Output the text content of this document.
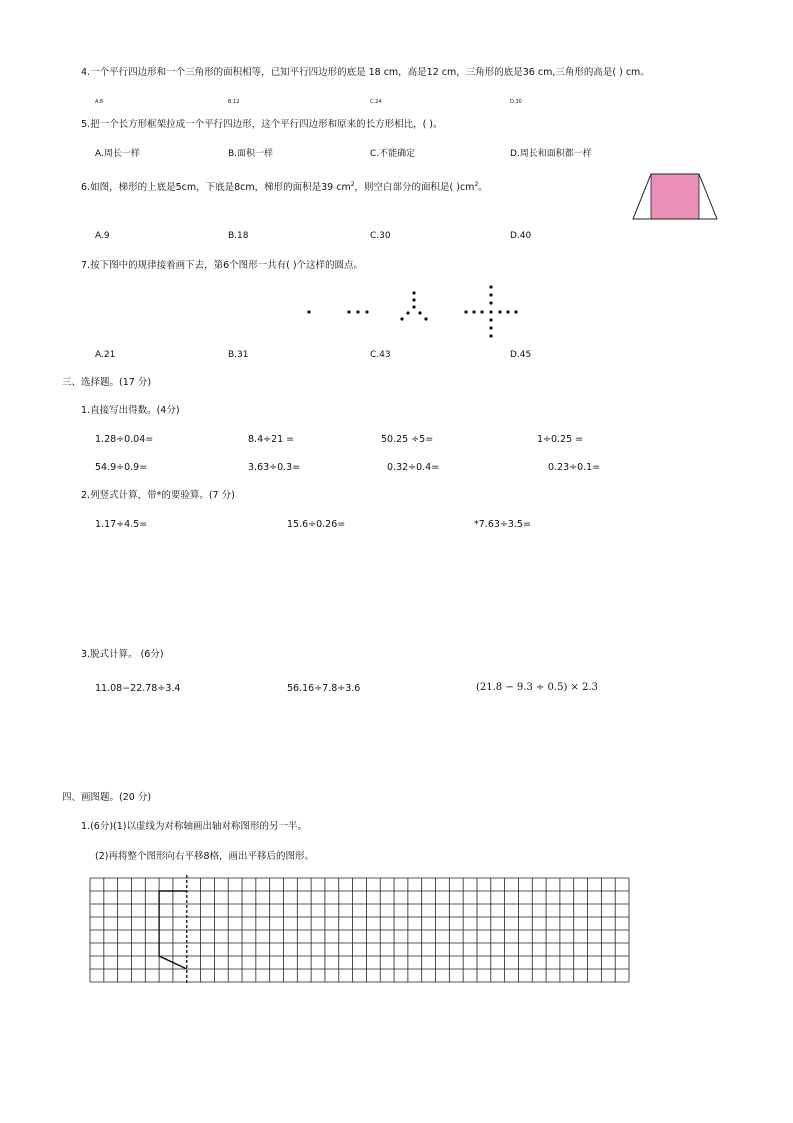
4.一个平行四边形和一个三角形的面积相等，已知平行四边形的底是 18 cm，高是12 cm，三角形的底是36 cm,三角形的高是( ) cm。
A.6	B.12	C.24	D.30
5.把一个长方形框架拉成一个平行四边形，这个平行四边形和原来的长方形相比，( )。
A.周长一样	B.面积一样	C.不能确定	D.周长和面积都一样
6.如图，梯形的上底是5cm，下底是8cm，梯形的面积是39 $cm^2$，则空白部分的面积是( )$cm^2$。
A.9	B.18	C.30	D.40
7.按下图中的规律接着画下去，第6个图形一共有( )个这样的圆点。
A.21	B.31	C.43	D.45
三、选择题。(17 分)
1.直接写出得数。(4分)
1.28÷0.04=	8.4÷21 =	50.25 ÷5=	1÷0.25 =
54.9÷0.9=	3.63÷0.3=	0.32÷0.4=	0.23÷0.1=
2.列竖式计算，带*的要验算。(7 分)
1.17÷4.5=	15.6÷0.26=	*7.63÷3.5=
3.脱式计算。 (6分)
11.08−22.78÷3.4	56.16÷7.8÷3.6	(21.8 − 9.3 ÷ 0.5) × 2.3
四、画图题。(20 分)
1.(6分)(1)以虚线为对称轴画出轴对称图形的另一半。
(2)再将整个图形向右平移8格，画出平移后的图形。
